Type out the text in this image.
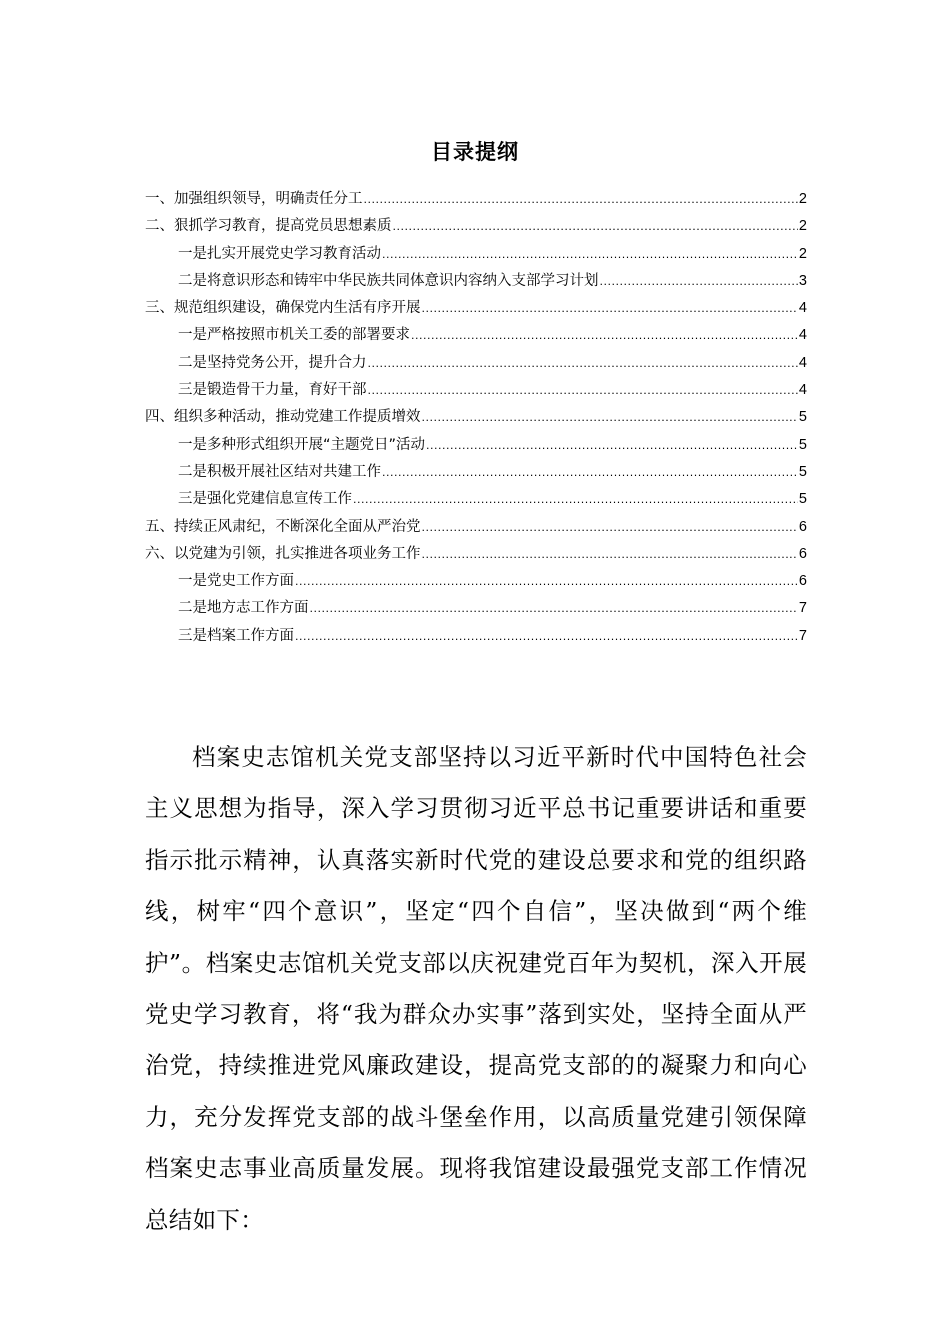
目录提纲
一、加强组织领导，明确责任分工 .....	2
二、狠抓学习教育，提高党员思想素质 .....	2
一是扎实开展党史学习教育活动 .....	2
二是将意识形态和铸牢中华民族共同体意识内容纳入支部学习计划 .....	3
三、规范组织建设，确保党内生活有序开展 .....	4
一是严格按照市机关工委的部署要求 .....	4
二是坚持党务公开，提升合力 .....	4
三是锻造骨干力量，育好干部 .....	4
四、组织多种活动，推动党建工作提质增效 .....	5
一是多种形式组织开展“主题党日”活动 .....	5
二是积极开展社区结对共建工作 .....	5
三是强化党建信息宣传工作 .....	5
五、持续正风肃纪，不断深化全面从严治党 .....	6
六、以党建为引领，扎实推进各项业务工作 .....	6
一是党史工作方面 .....	6
二是地方志工作方面 .....	7
三是档案工作方面 .....	7

档案史志馆机关党支部坚持以习近平新时代中国特色社会主义思想为指导，深入学习贯彻习近平总书记重要讲话和重要指示批示精神，认真落实新时代党的建设总要求和党的组织路线，树牢“四个意识”，坚定“四个自信”，坚决做到“两个维护”。档案史志馆机关党支部以庆祝建党百年为契机，深入开展党史学习教育，将“我为群众办实事”落到实处，坚持全面从严治党，持续推进党风廉政建设，提高党支部的的凝聚力和向心力，充分发挥党支部的战斗堡垒作用，以高质量党建引领保障档案史志事业高质量发展。现将我馆建设最强党支部工作情况总结如下：
